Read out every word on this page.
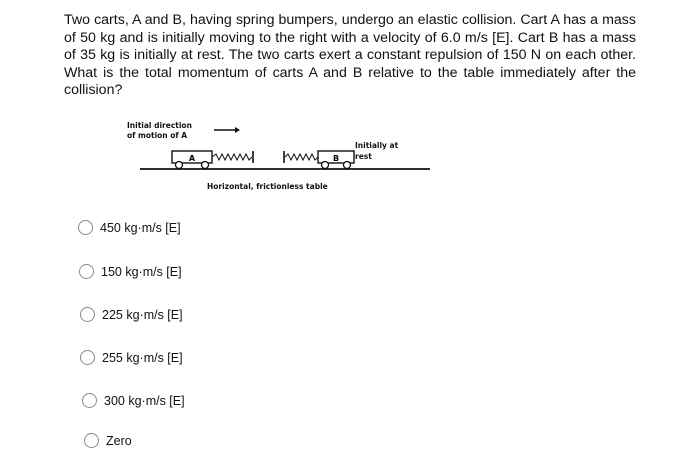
Two carts, A and B, having spring bumpers, undergo an elastic collision. Cart A has a mass of 50 kg and is initially moving to the right with a velocity of 6.0 m/s [E]. Cart B has a mass of 35 kg is initially at rest. The two carts exert a constant repulsion of 150 N on each other. What is the total momentum of carts A and B relative to the table immediately after the collision?

Initial direction
of motion of A
Initially at
rest
Horizontal, frictionless table
A	B
450 kg·m/s [E]
150 kg·m/s [E]
225 kg·m/s [E]
255 kg·m/s [E]
300 kg·m/s [E]
Zero
